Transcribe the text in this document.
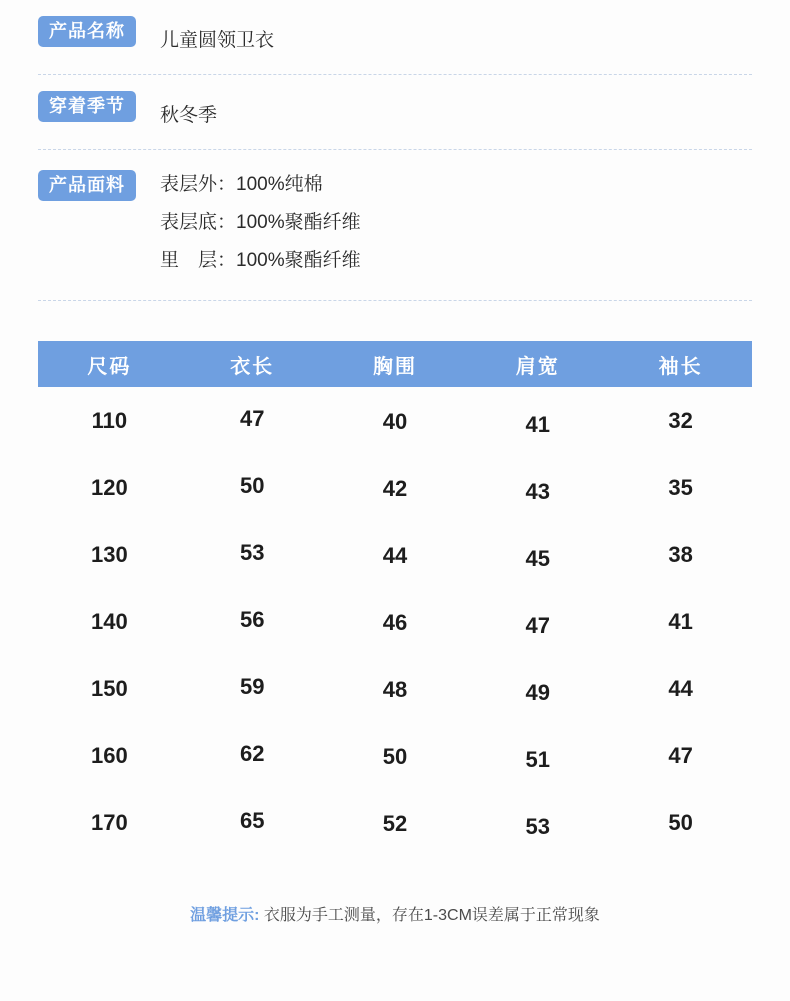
产品名称	儿童圆领卫衣
穿着季节	秋冬季
产品面料	表层外：100%纯棉
表层底：100%聚酯纤维
里　层：100%聚酯纤维
尺码	衣长	胸围	肩宽	袖长
110	47	40	41	32
120	50	42	43	35
130	53	44	45	38
140	56	46	47	41
150	59	48	49	44
160	62	50	51	47
170	65	52	53	50
温馨提示: 衣服为手工测量，存在1-3CM误差属于正常现象
